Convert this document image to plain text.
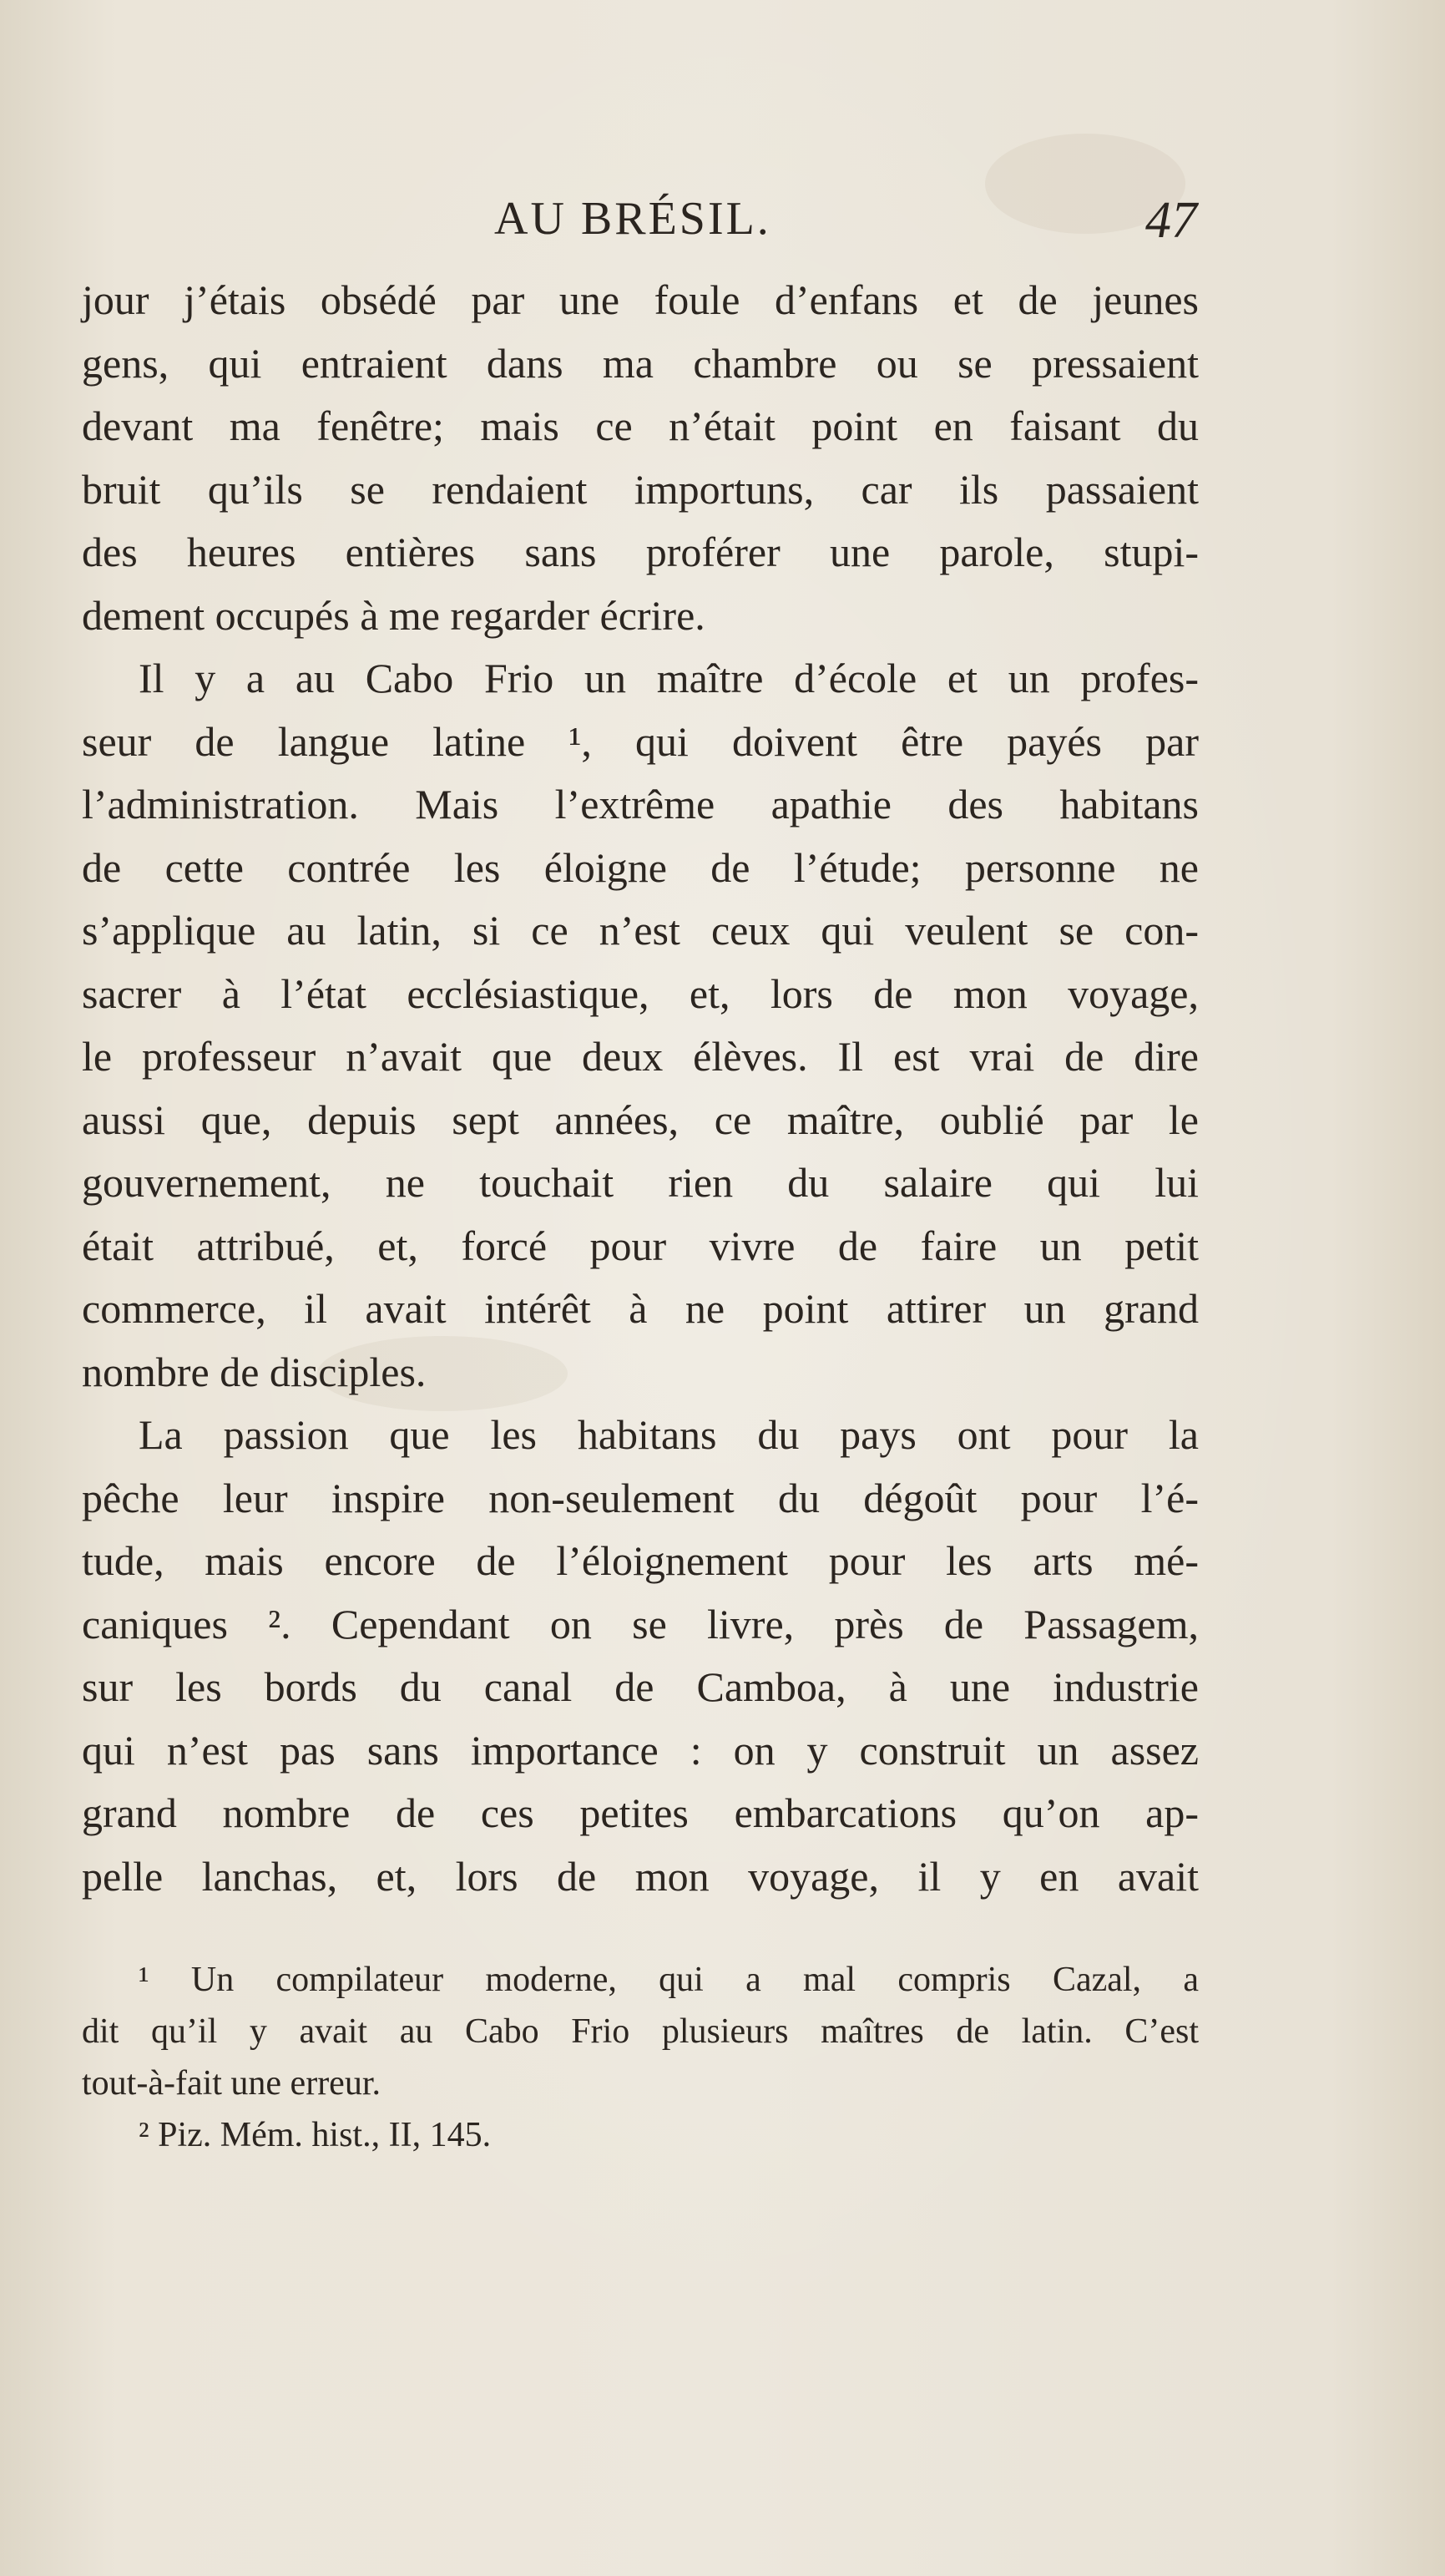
AU BRÉSIL.	47
jour j’étais obsédé par une foule d’enfans et de jeunes
gens, qui entraient dans ma chambre ou se pressaient
devant ma fenêtre; mais ce n’était point en faisant du
bruit qu’ils se rendaient importuns, car ils passaient
des heures entières sans proférer une parole, stupi-
dement occupés à me regarder écrire.
Il y a au Cabo Frio un maître d’école et un profes-
seur de langue latine ¹, qui doivent être payés par
l’administration. Mais l’extrême apathie des habitans
de cette contrée les éloigne de l’étude; personne ne
s’applique au latin, si ce n’est ceux qui veulent se con-
sacrer à l’état ecclésiastique, et, lors de mon voyage,
le professeur n’avait que deux élèves. Il est vrai de dire
aussi que, depuis sept années, ce maître, oublié par le
gouvernement, ne touchait rien du salaire qui lui
était attribué, et, forcé pour vivre de faire un petit
commerce, il avait intérêt à ne point attirer un grand
nombre de disciples.
La passion que les habitans du pays ont pour la
pêche leur inspire non-seulement du dégoût pour l’é-
tude, mais encore de l’éloignement pour les arts mé-
caniques ². Cependant on se livre, près de Passagem,
sur les bords du canal de Camboa, à une industrie
qui n’est pas sans importance : on y construit un assez
grand nombre de ces petites embarcations qu’on ap-
pelle lanchas, et, lors de mon voyage, il y en avait
¹ Un compilateur moderne, qui a mal compris Cazal, a
dit qu’il y avait au Cabo Frio plusieurs maîtres de latin. C’est
tout-à-fait une erreur.
² Piz. Mém. hist., II, 145.
